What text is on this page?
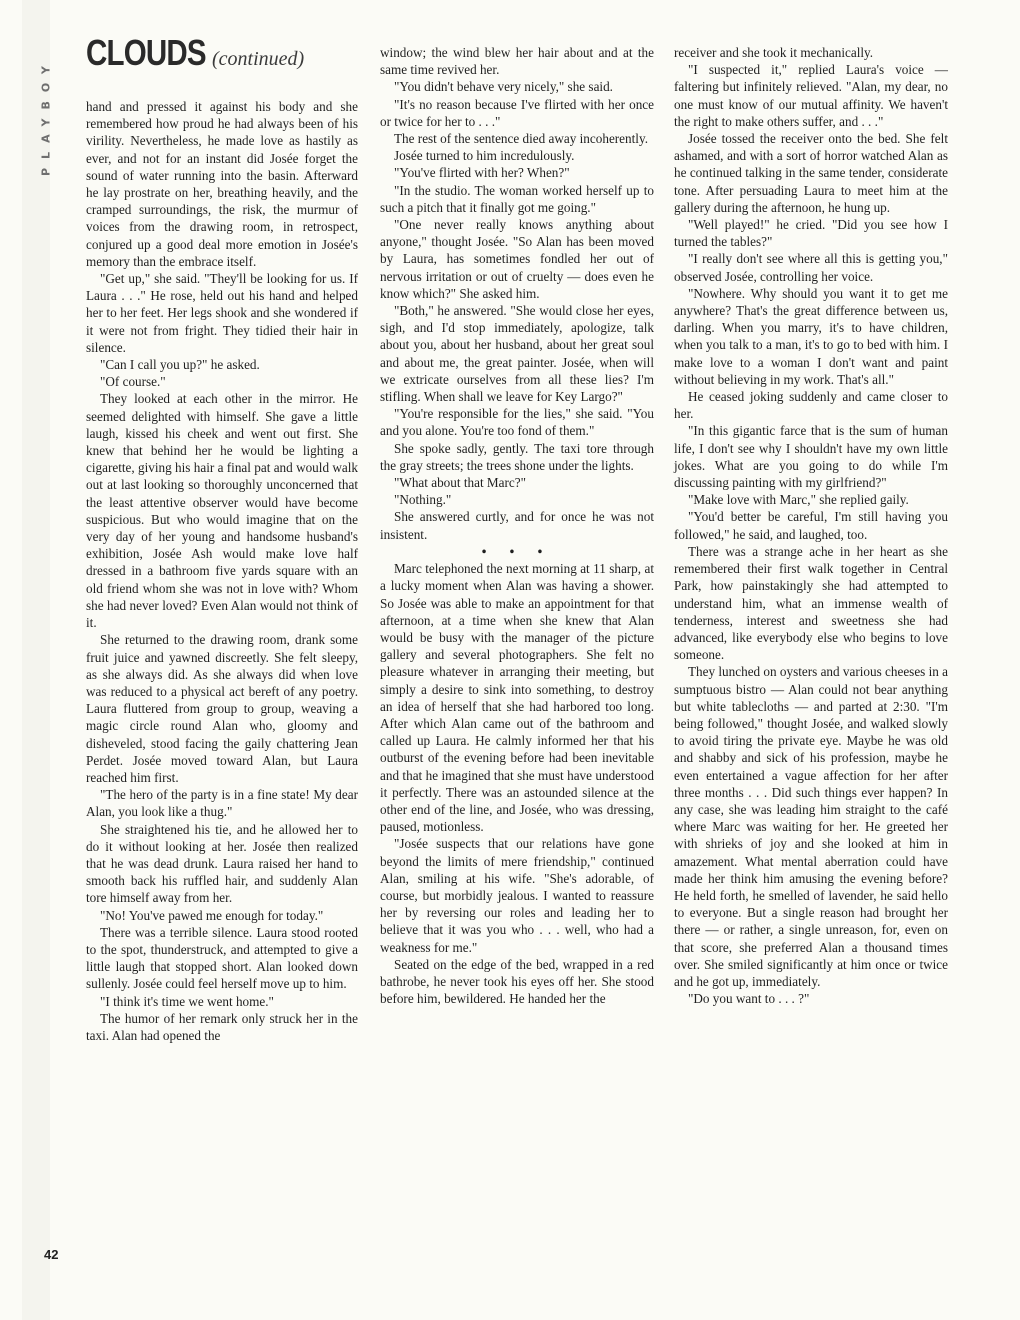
PLAYBOY
42
CLOUDS (continued)

hand and pressed it against his body and she remembered how proud he had always been of his virility. Nevertheless, he made love as hastily as ever, and not for an instant did Josée forget the sound of water running into the basin. Afterward he lay prostrate on her, breathing heavily, and the cramped surroundings, the risk, the murmur of voices from the drawing room, in retrospect, conjured up a good deal more emotion in Josée's memory than the embrace itself.

"Get up," she said. "They'll be looking for us. If Laura . . ." He rose, held out his hand and helped her to her feet. Her legs shook and she wondered if it were not from fright. They tidied their hair in silence.

"Can I call you up?" he asked.

"Of course."

They looked at each other in the mirror. He seemed delighted with himself. She gave a little laugh, kissed his cheek and went out first. She knew that behind her he would be lighting a cigarette, giving his hair a final pat and would walk out at last looking so thoroughly unconcerned that the least attentive observer would have become suspicious. But who would imagine that on the very day of her young and handsome husband's exhibition, Josée Ash would make love half dressed in a bathroom five yards square with an old friend whom she was not in love with? Whom she had never loved? Even Alan would not think of it.

She returned to the drawing room, drank some fruit juice and yawned discreetly. She felt sleepy, as she always did. As she always did when love was reduced to a physical act bereft of any poetry. Laura fluttered from group to group, weaving a magic circle round Alan who, gloomy and disheveled, stood facing the gaily chattering Jean Perdet. Josée moved toward Alan, but Laura reached him first.

"The hero of the party is in a fine state! My dear Alan, you look like a thug."

She straightened his tie, and he allowed her to do it without looking at her. Josée then realized that he was dead drunk. Laura raised her hand to smooth back his ruffled hair, and suddenly Alan tore himself away from her.

"No! You've pawed me enough for today."

There was a terrible silence. Laura stood rooted to the spot, thunderstruck, and attempted to give a little laugh that stopped short. Alan looked down sullenly. Josée could feel herself move up to him.

"I think it's time we went home."

The humor of her remark only struck her in the taxi. Alan had opened the

window; the wind blew her hair about and at the same time revived her.

"You didn't behave very nicely," she said.

"It's no reason because I've flirted with her once or twice for her to . . ."

The rest of the sentence died away incoherently.

Josée turned to him incredulously.

"You've flirted with her? When?"

"In the studio. The woman worked herself up to such a pitch that it finally got me going."

"One never really knows anything about anyone," thought Josée. "So Alan has been moved by Laura, has sometimes fondled her out of nervous irritation or out of cruelty — does even he know which?" She asked him.

"Both," he answered. "She would close her eyes, sigh, and I'd stop immediately, apologize, talk about you, about her husband, about her great soul and about me, the great painter. Josée, when will we extricate ourselves from all these lies? I'm stifling. When shall we leave for Key Largo?"

"You're responsible for the lies," she said. "You and you alone. You're too fond of them."

She spoke sadly, gently. The taxi tore through the gray streets; the trees shone under the lights.

"What about that Marc?"

"Nothing."

She answered curtly, and for once he was not insistent.

• • •

Marc telephoned the next morning at 11 sharp, at a lucky moment when Alan was having a shower. So Josée was able to make an appointment for that afternoon, at a time when she knew that Alan would be busy with the manager of the picture gallery and several photographers. She felt no pleasure whatever in arranging their meeting, but simply a desire to sink into something, to destroy an idea of herself that she had harbored too long. After which Alan came out of the bathroom and called up Laura. He calmly informed her that his outburst of the evening before had been inevitable and that he imagined that she must have understood it perfectly. There was an astounded silence at the other end of the line, and Josée, who was dressing, paused, motionless.

"Josée suspects that our relations have gone beyond the limits of mere friendship," continued Alan, smiling at his wife. "She's adorable, of course, but morbidly jealous. I wanted to reassure her by reversing our roles and leading her to believe that it was you who . . . well, who had a weakness for me."

Seated on the edge of the bed, wrapped in a red bathrobe, he never took his eyes off her. She stood before him, bewildered. He handed her the

receiver and she took it mechanically.

"I suspected it," replied Laura's voice — faltering but infinitely relieved. "Alan, my dear, no one must know of our mutual affinity. We haven't the right to make others suffer, and . . ."

Josée tossed the receiver onto the bed. She felt ashamed, and with a sort of horror watched Alan as he continued talking in the same tender, considerate tone. After persuading Laura to meet him at the gallery during the afternoon, he hung up.

"Well played!" he cried. "Did you see how I turned the tables?"

"I really don't see where all this is getting you," observed Josée, controlling her voice.

"Nowhere. Why should you want it to get me anywhere? That's the great difference between us, darling. When you marry, it's to have children, when you talk to a man, it's to go to bed with him. I make love to a woman I don't want and paint without believing in my work. That's all."

He ceased joking suddenly and came closer to her.

"In this gigantic farce that is the sum of human life, I don't see why I shouldn't have my own little jokes. What are you going to do while I'm discussing painting with my girlfriend?"

"Make love with Marc," she replied gaily.

"You'd better be careful, I'm still having you followed," he said, and laughed, too.

There was a strange ache in her heart as she remembered their first walk together in Central Park, how painstakingly she had attempted to understand him, what an immense wealth of tenderness, interest and sweetness she had advanced, like everybody else who begins to love someone.

They lunched on oysters and various cheeses in a sumptuous bistro — Alan could not bear anything but white tablecloths — and parted at 2:30. "I'm being followed," thought Josée, and walked slowly to avoid tiring the private eye. Maybe he was old and shabby and sick of his profession, maybe he even entertained a vague affection for her after three months . . . Did such things ever happen? In any case, she was leading him straight to the café where Marc was waiting for her. He greeted her with shrieks of joy and she looked at him in amazement. What mental aberration could have made her think him amusing the evening before? He held forth, he smelled of lavender, he said hello to everyone. But a single reason had brought her there — or rather, a single unreason, for, even on that score, she preferred Alan a thousand times over. She smiled significantly at him once or twice and he got up, immediately.

"Do you want to . . . ?"
